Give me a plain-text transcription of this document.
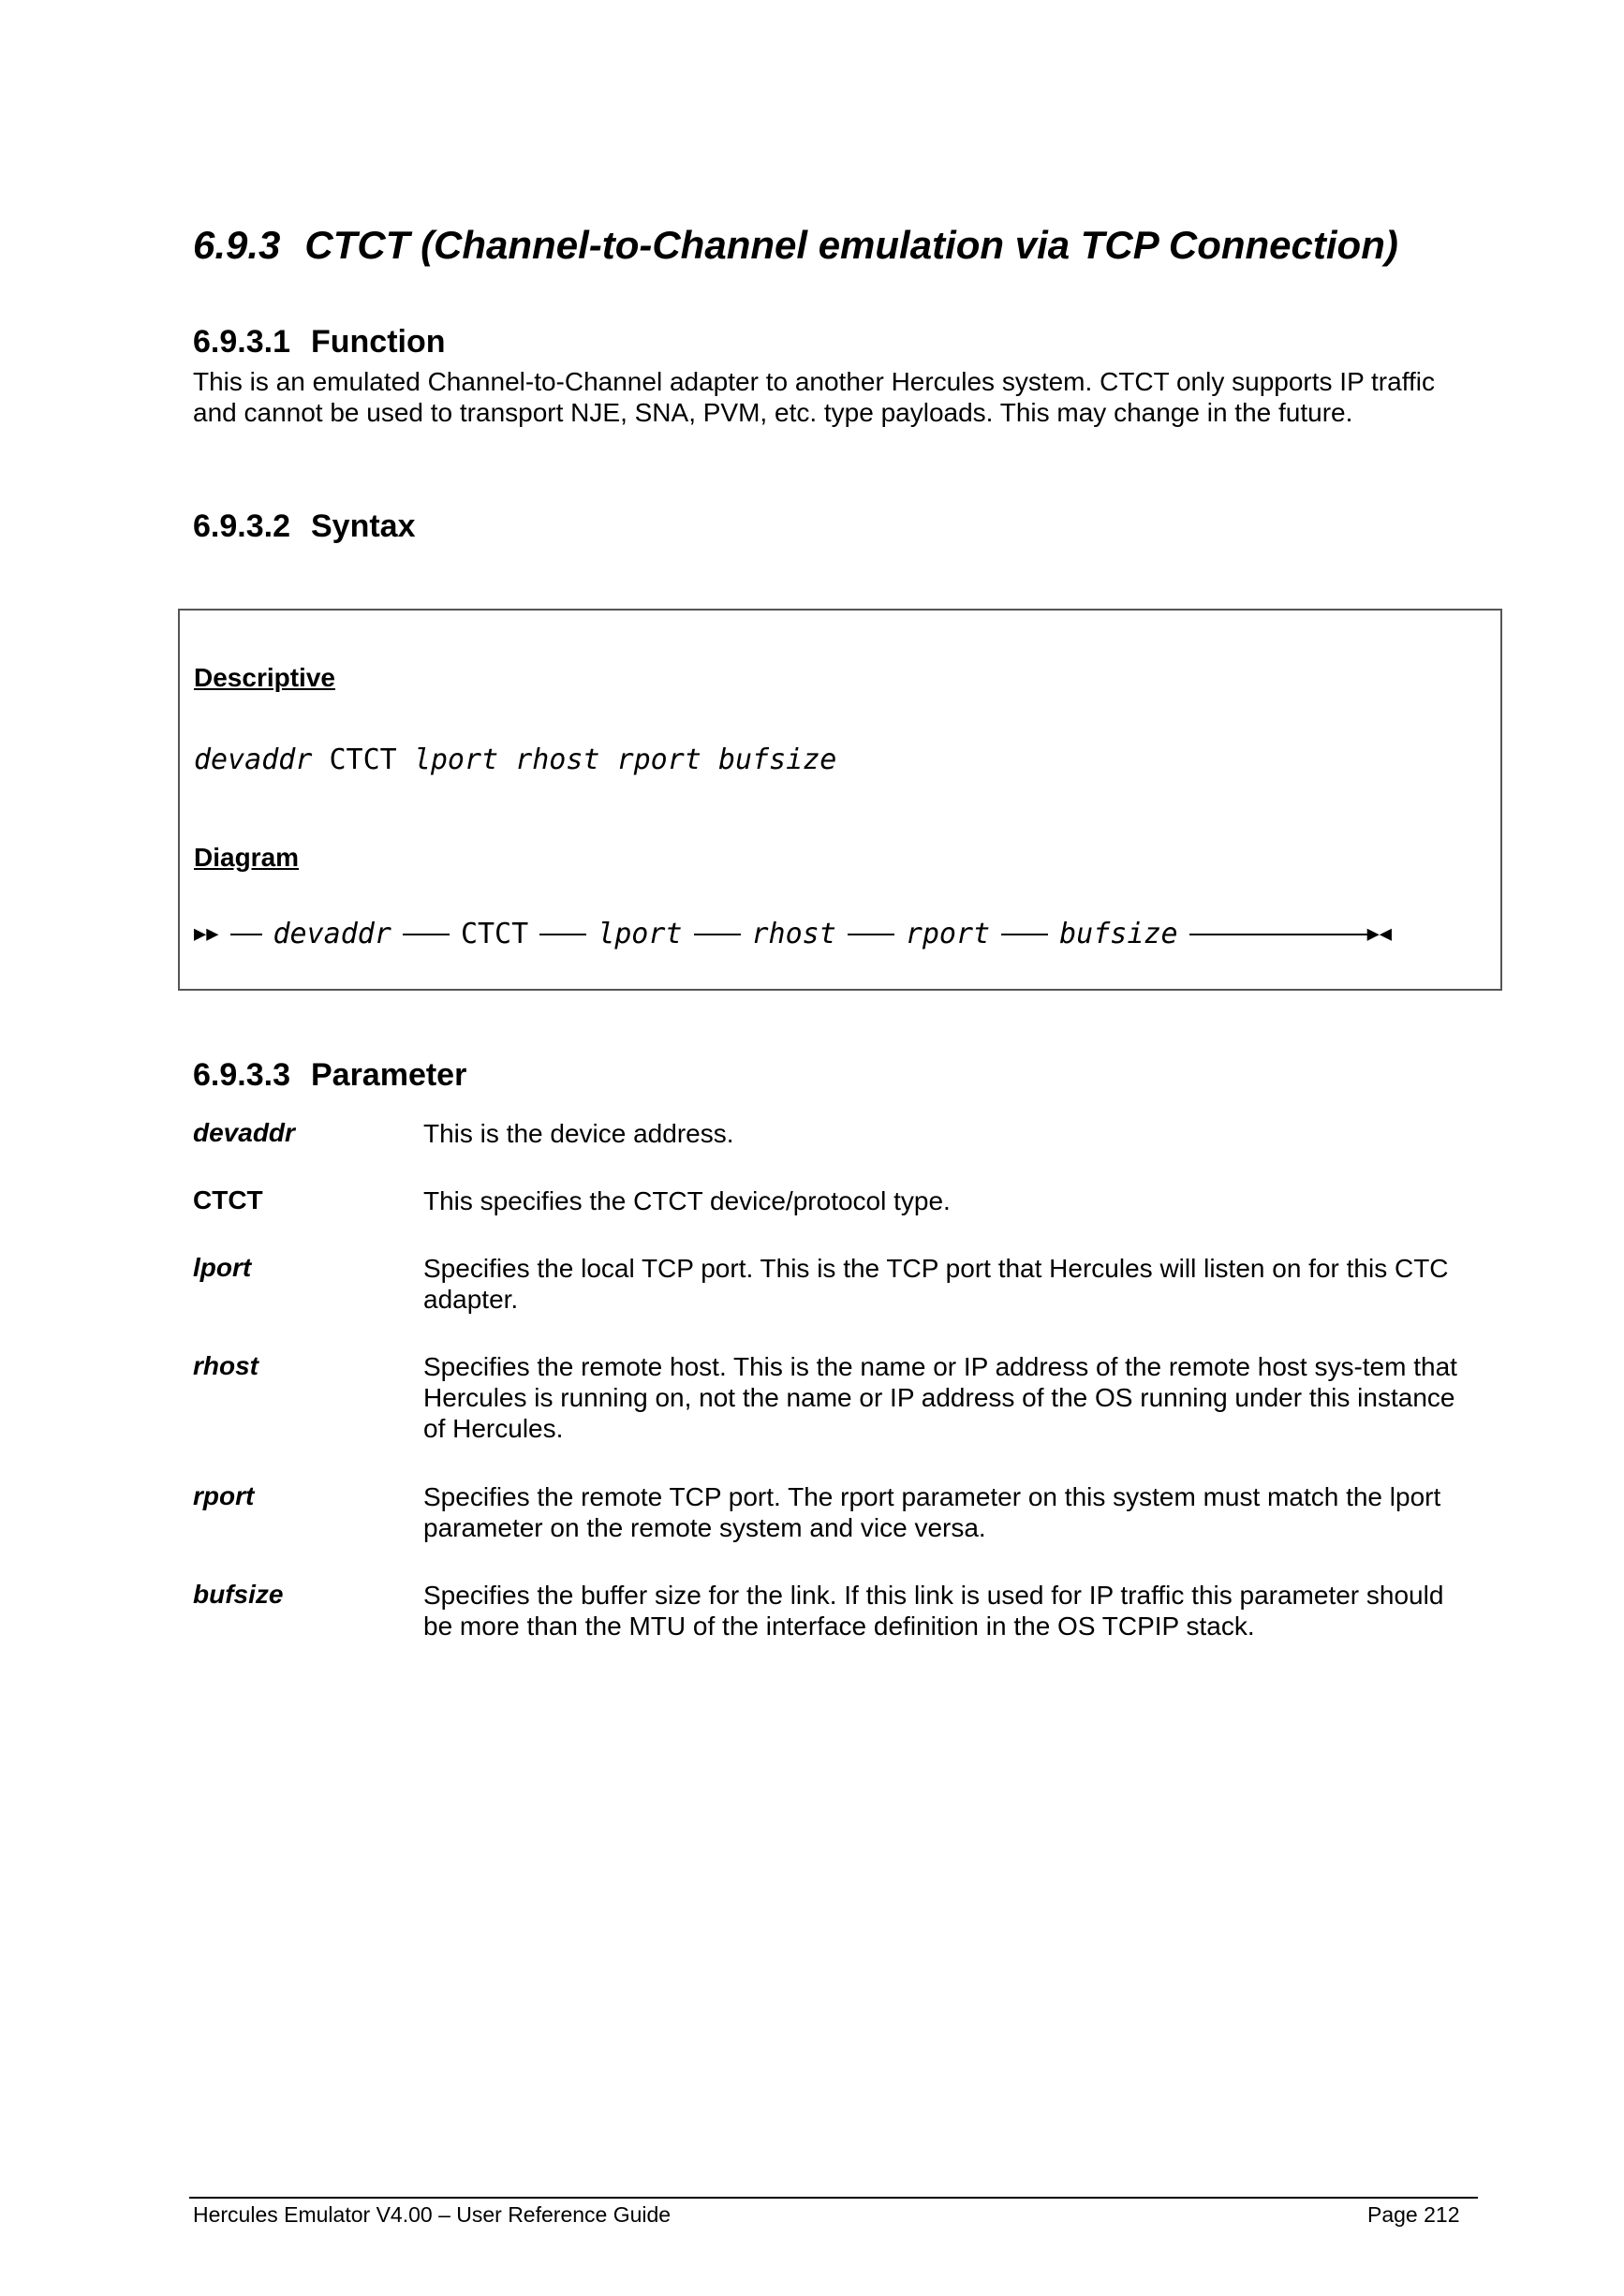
6.9.3 CTCT (Channel-to-Channel emulation via TCP Connection)
6.9.3.1 Function

This is an emulated Channel-to-Channel adapter to another Hercules system. CTCT only supports IP traffic and cannot be used to transport NJE, SNA, PVM, etc. type payloads. This may change in the future.

6.9.3.2 Syntax
Descriptive
devaddr CTCT lport rhost rport bufsize
Diagram
▶▶ devaddr CTCT lport rhost rport bufsize	▶◀
6.9.3.3 Parameter
devaddr	This is the device address.

CTCT	This specifies the CTCT device/protocol type.

lport	Specifies the local TCP port. This is the TCP port that Hercules will listen on for this CTC adapter.

rhost	Specifies the remote host. This is the name or IP address of the remote host sys-tem that Hercules is running on, not the name or IP address of the OS running under this instance of Hercules.

rport	Specifies the remote TCP port. The rport parameter on this system must match the lport parameter on the remote system and vice versa.

bufsize	Specifies the buffer size for the link. If this link is used for IP traffic this parameter should be more than the MTU of the interface definition in the OS TCPIP stack.

Hercules Emulator V4.00 – User Reference Guide	Page 212
